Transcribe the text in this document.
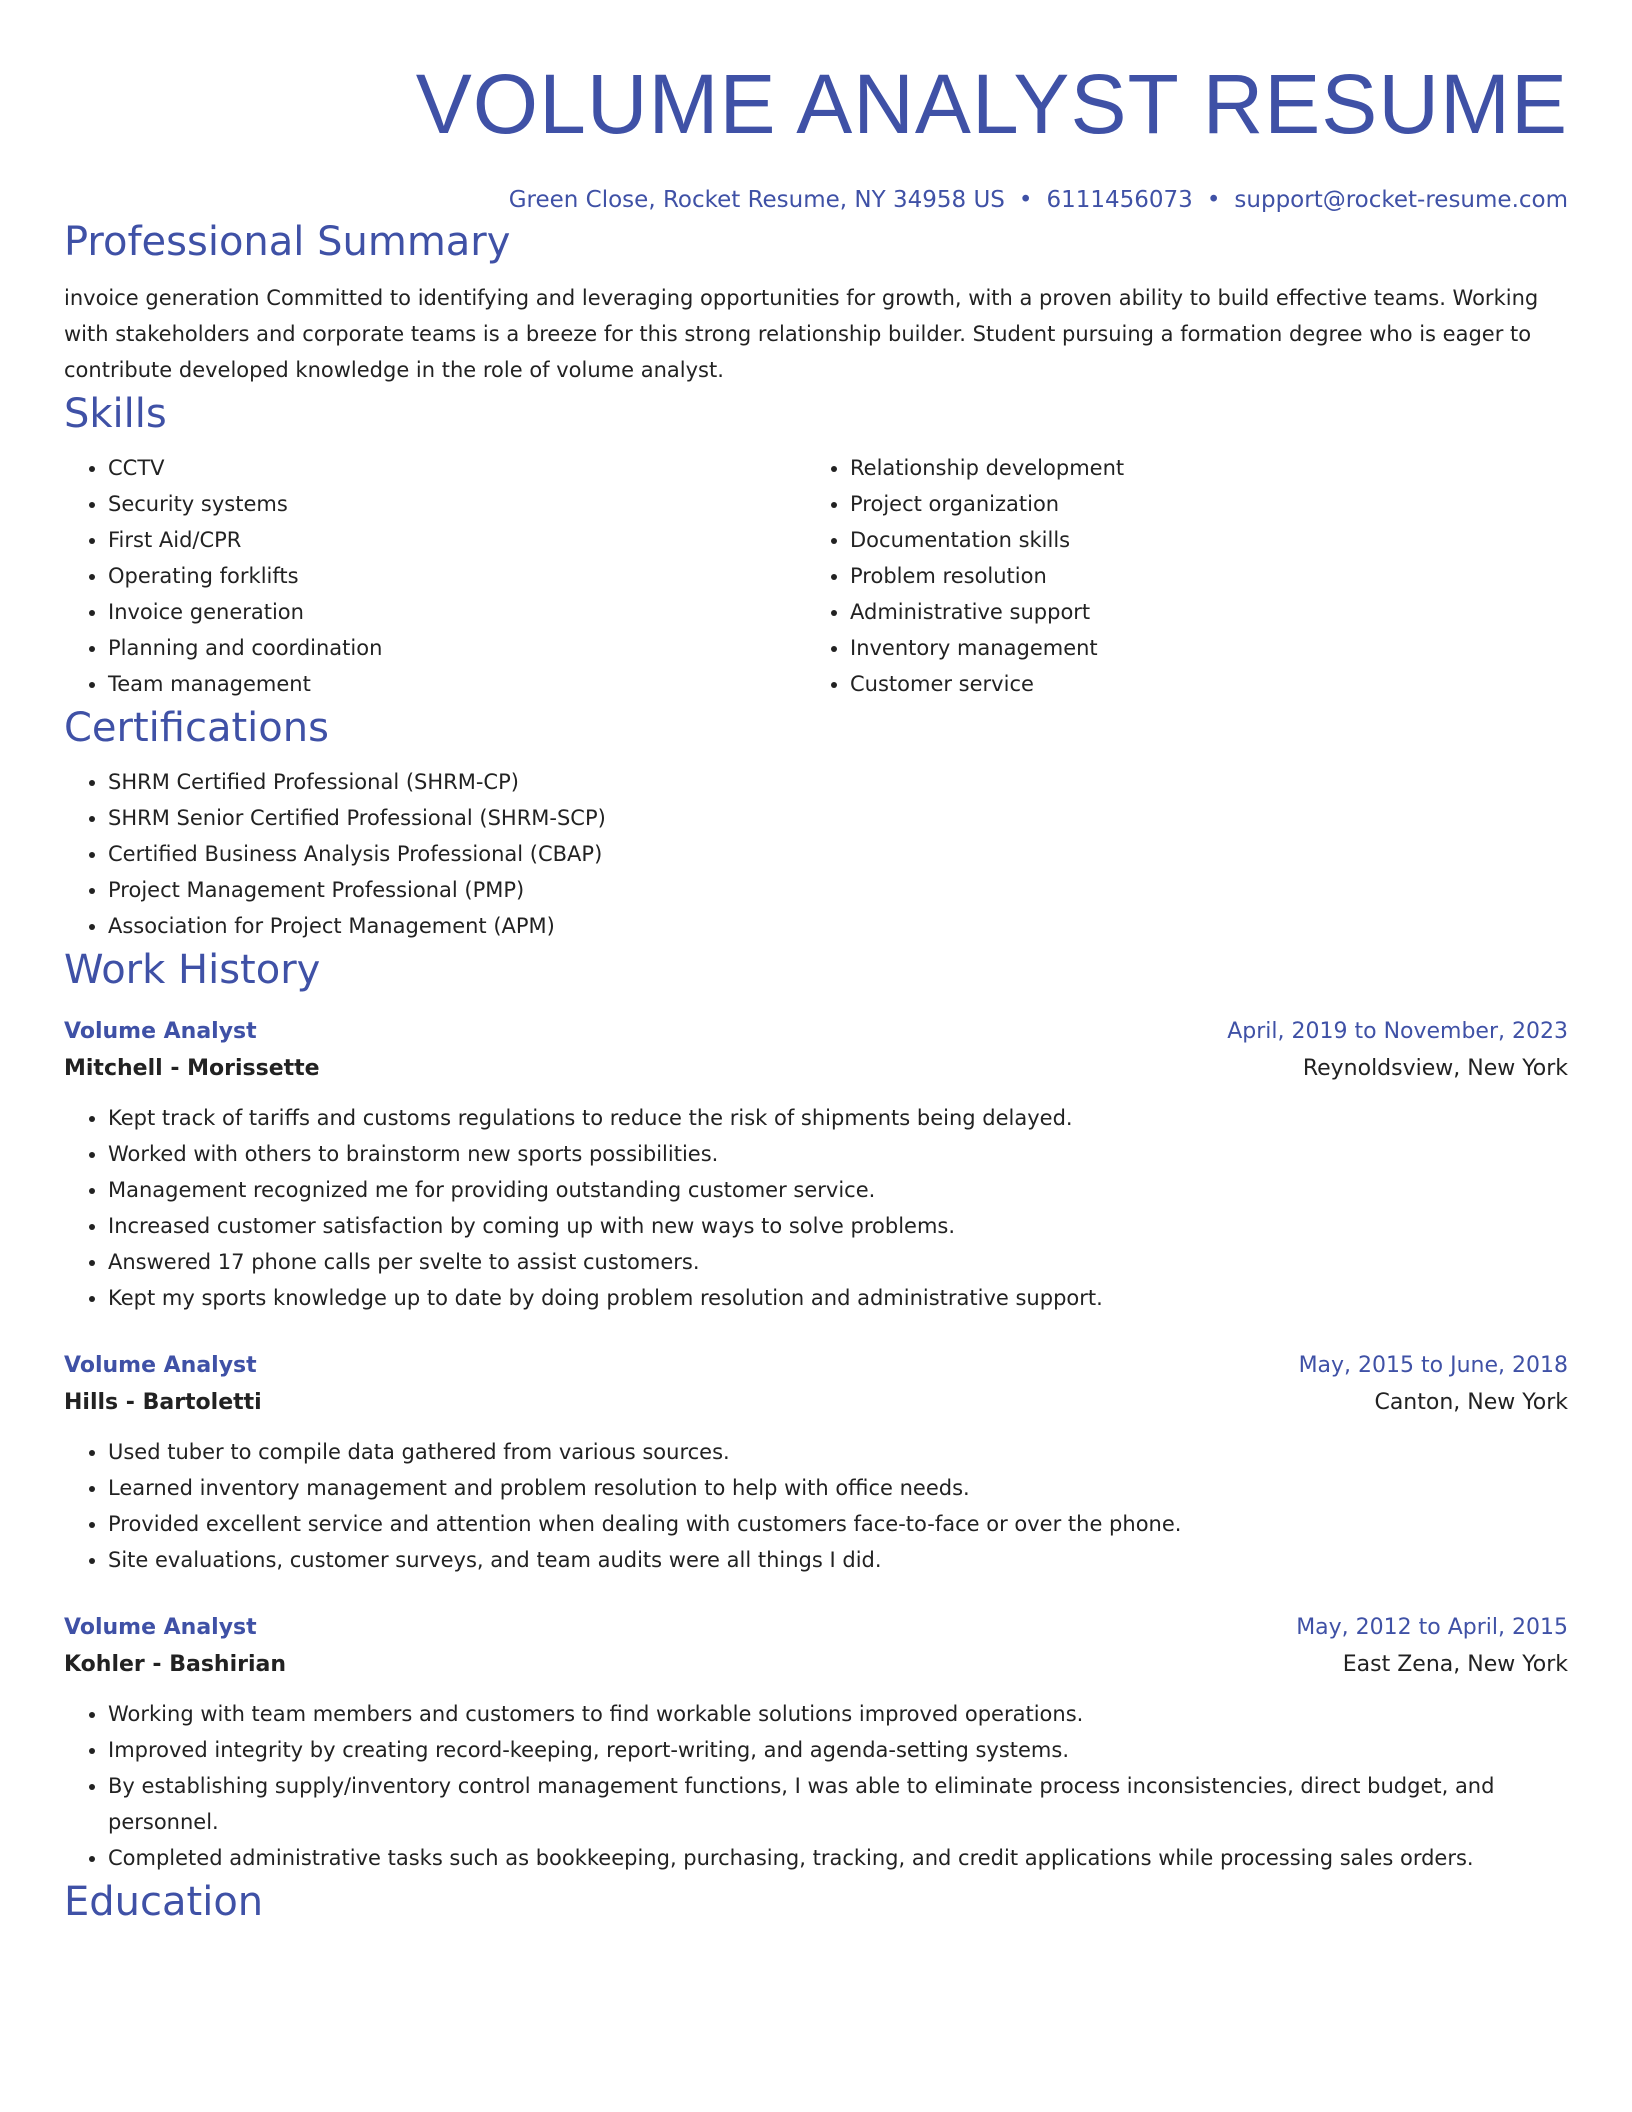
VOLUME ANALYST RESUME
Green Close, Rocket Resume, NY 34958 US • 6111456073 • support@rocket-resume.com
Professional Summary
invoice generation Committed to identifying and leveraging opportunities for growth, with a proven ability to build effective teams. Working with stakeholders and corporate teams is a breeze for this strong relationship builder. Student pursuing a formation degree who is eager to contribute developed knowledge in the role of volume analyst.
Skills
• CCTV
• Security systems
• First Aid/CPR
• Operating forklifts
• Invoice generation
• Planning and coordination
• Team management
• Relationship development
• Project organization
• Documentation skills
• Problem resolution
• Administrative support
• Inventory management
• Customer service
Certifications
• SHRM Certified Professional (SHRM-CP)
• SHRM Senior Certified Professional (SHRM-SCP)
• Certified Business Analysis Professional (CBAP)
• Project Management Professional (PMP)
• Association for Project Management (APM)
Work History
Volume Analyst	April, 2019 to November, 2023
Mitchell - Morissette	Reynoldsview, New York
• Kept track of tariffs and customs regulations to reduce the risk of shipments being delayed.
• Worked with others to brainstorm new sports possibilities.
• Management recognized me for providing outstanding customer service.
• Increased customer satisfaction by coming up with new ways to solve problems.
• Answered 17 phone calls per svelte to assist customers.
• Kept my sports knowledge up to date by doing problem resolution and administrative support.
Volume Analyst	May, 2015 to June, 2018
Hills - Bartoletti	Canton, New York
• Used tuber to compile data gathered from various sources.
• Learned inventory management and problem resolution to help with office needs.
• Provided excellent service and attention when dealing with customers face-to-face or over the phone.
• Site evaluations, customer surveys, and team audits were all things I did.
Volume Analyst	May, 2012 to April, 2015
Kohler - Bashirian	East Zena, New York
• Working with team members and customers to find workable solutions improved operations.
• Improved integrity by creating record-keeping, report-writing, and agenda-setting systems.
• By establishing supply/inventory control management functions, I was able to eliminate process inconsistencies, direct budget, and personnel.
• Completed administrative tasks such as bookkeeping, purchasing, tracking, and credit applications while processing sales orders.
Education
